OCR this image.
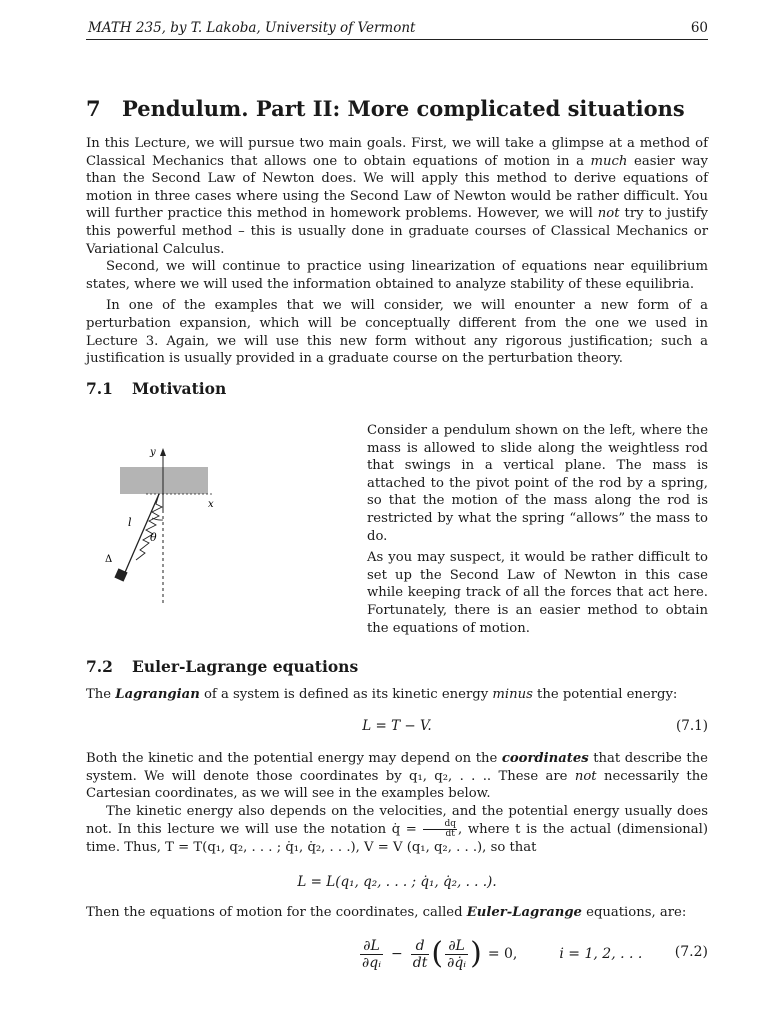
MATH 235, by T. Lakoba, University of Vermont	60
7 Pendulum. Part II: More complicated situations

In this Lecture, we will pursue two main goals. First, we will take a glimpse at a method of Classical Mechanics that allows one to obtain equations of motion in a much easier way than the Second Law of Newton does. We will apply this method to derive equations of motion in three cases where using the Second Law of Newton would be rather difficult. You will further practice this method in homework problems. However, we will not try to justify this powerful method – this is usually done in graduate courses of Classical Mechanics or Variational Calculus.

Second, we will continue to practice using linearization of equations near equilibrium states, where we will used the information obtained to analyze stability of these equilibria.

In one of the examples that we will consider, we will enounter a new form of a perturbation expansion, which will be conceptually different from the one we used in Lecture 3. Again, we will use this new form without any rigorous justification; such a justification is usually provided in a graduate course on the perturbation theory.

7.1 Motivation
y
x
l
θ
Δ

Consider a pendulum shown on the left, where the mass is allowed to slide along the weightless rod that swings in a vertical plane. The mass is attached to the pivot point of the rod by a spring, so that the motion of the mass along the rod is restricted by what the spring “allows” the mass to do.

As you may suspect, it would be rather difficult to set up the Second Law of Newton in this case while keeping track of all the forces that act here. Fortunately, there is an easier method to obtain the equations of motion.

7.2 Euler-Lagrange equations

The Lagrangian of a system is defined as its kinetic energy minus the potential energy:

L = T − V.	(7.1)

Both the kinetic and the potential energy may depend on the coordinates that describe the system. We will denote those coordinates by q₁, q₂, . . .. These are not necessarily the Cartesian coordinates, as we will see in the examples below.

The kinetic energy also depends on the velocities, and the potential energy usually does not. In this lecture we will use the notation q̇ = $\frac{dq}{dt}$ , where t is the actual (dimensional) time. Thus, T = T(q₁, q₂, . . . ; q̇₁, q̇₂, . . .), V = V (q₁, q₂, . . .), so that

L = L(q₁, q₂, . . . ; q̇₁, q̇₂, . . .).

Then the equations of motion for the coordinates, called Euler-Lagrange equations, are:

$\frac{\partial L}{\text{∂qᵢ}} - \frac{d}{dt}$ ( $\frac{\partial L}{\text{∂q̇ᵢ}}$ ) = 0,	i = 1, 2, . . . (7.2)
